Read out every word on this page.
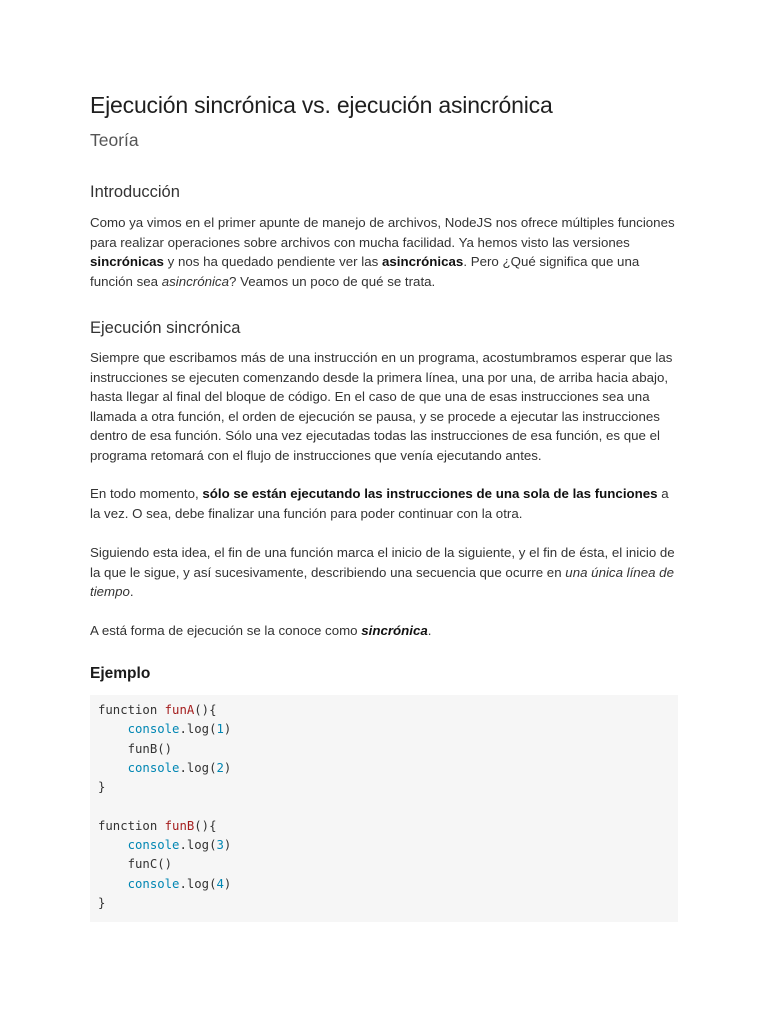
Ejecución sincrónica vs. ejecución asincrónica
Teoría
Introducción

Como ya vimos en el primer apunte de manejo de archivos, NodeJS nos ofrece múltiples funciones para realizar operaciones sobre archivos con mucha facilidad. Ya hemos visto las versiones sincrónicas y nos ha quedado pendiente ver las asincrónicas. Pero ¿Qué significa que una función sea asincrónica? Veamos un poco de qué se trata.

Ejecución sincrónica

Siempre que escribamos más de una instrucción en un programa, acostumbramos esperar que las instrucciones se ejecuten comenzando desde la primera línea, una por una, de arriba hacia abajo, hasta llegar al final del bloque de código. En el caso de que una de esas instrucciones sea una llamada a otra función, el orden de ejecución se pausa, y se procede a ejecutar las instrucciones dentro de esa función. Sólo una vez ejecutadas todas las instrucciones de esa función, es que el programa retomará con el flujo de instrucciones que venía ejecutando antes.

En todo momento, sólo se están ejecutando las instrucciones de una sola de las funciones a la vez. O sea, debe finalizar una función para poder continuar con la otra.

Siguiendo esta idea, el fin de una función marca el inicio de la siguiente, y el fin de ésta, el inicio de la que le sigue, y así sucesivamente, describiendo una secuencia que ocurre en una única línea de tiempo.

A está forma de ejecución se la conoce como sincrónica.

Ejemplo
function funA(){
console.log(1)
funB()
console.log(2)
}
function funB(){
console.log(3)
funC()
console.log(4)
}
